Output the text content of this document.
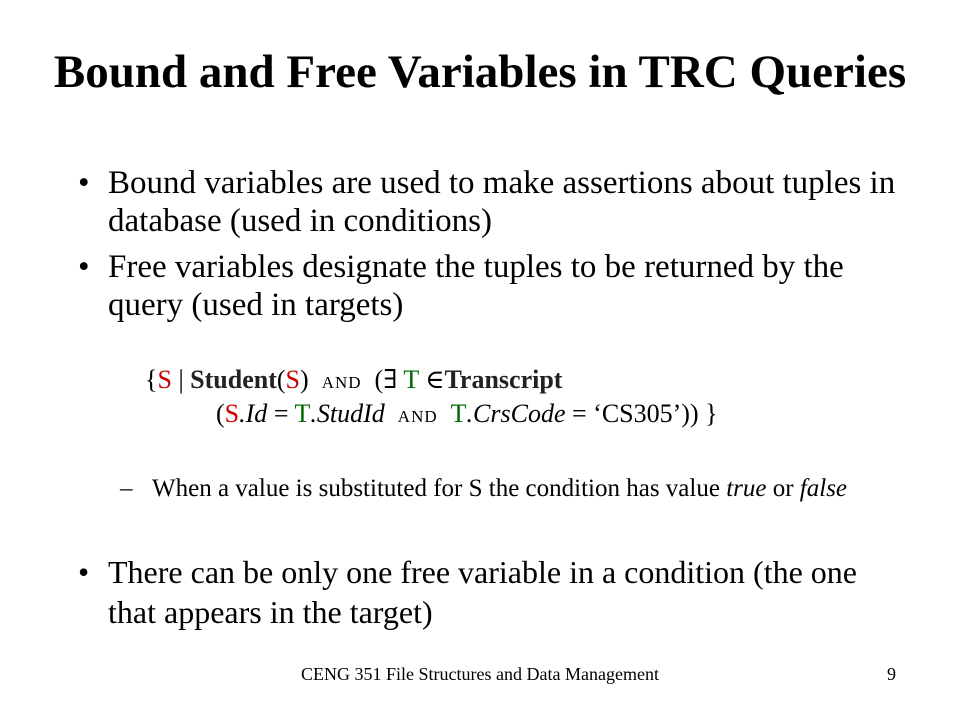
Bound and Free Variables in TRC Queries
• Bound variables are used to make assertions about tuples in database (used in conditions)
• Free variables designate the tuples to be returned by the query (used in targets)
{S | Student(S) AND (∃ T ∈Transcript
(S.Id = T.StudId AND T.CrsCode = ‘CS305’)) }
– When a value is substituted for S the condition has value true or false
• There can be only one free variable in a condition (the one that appears in the target)
CENG 351 File Structures and Data Management	9
